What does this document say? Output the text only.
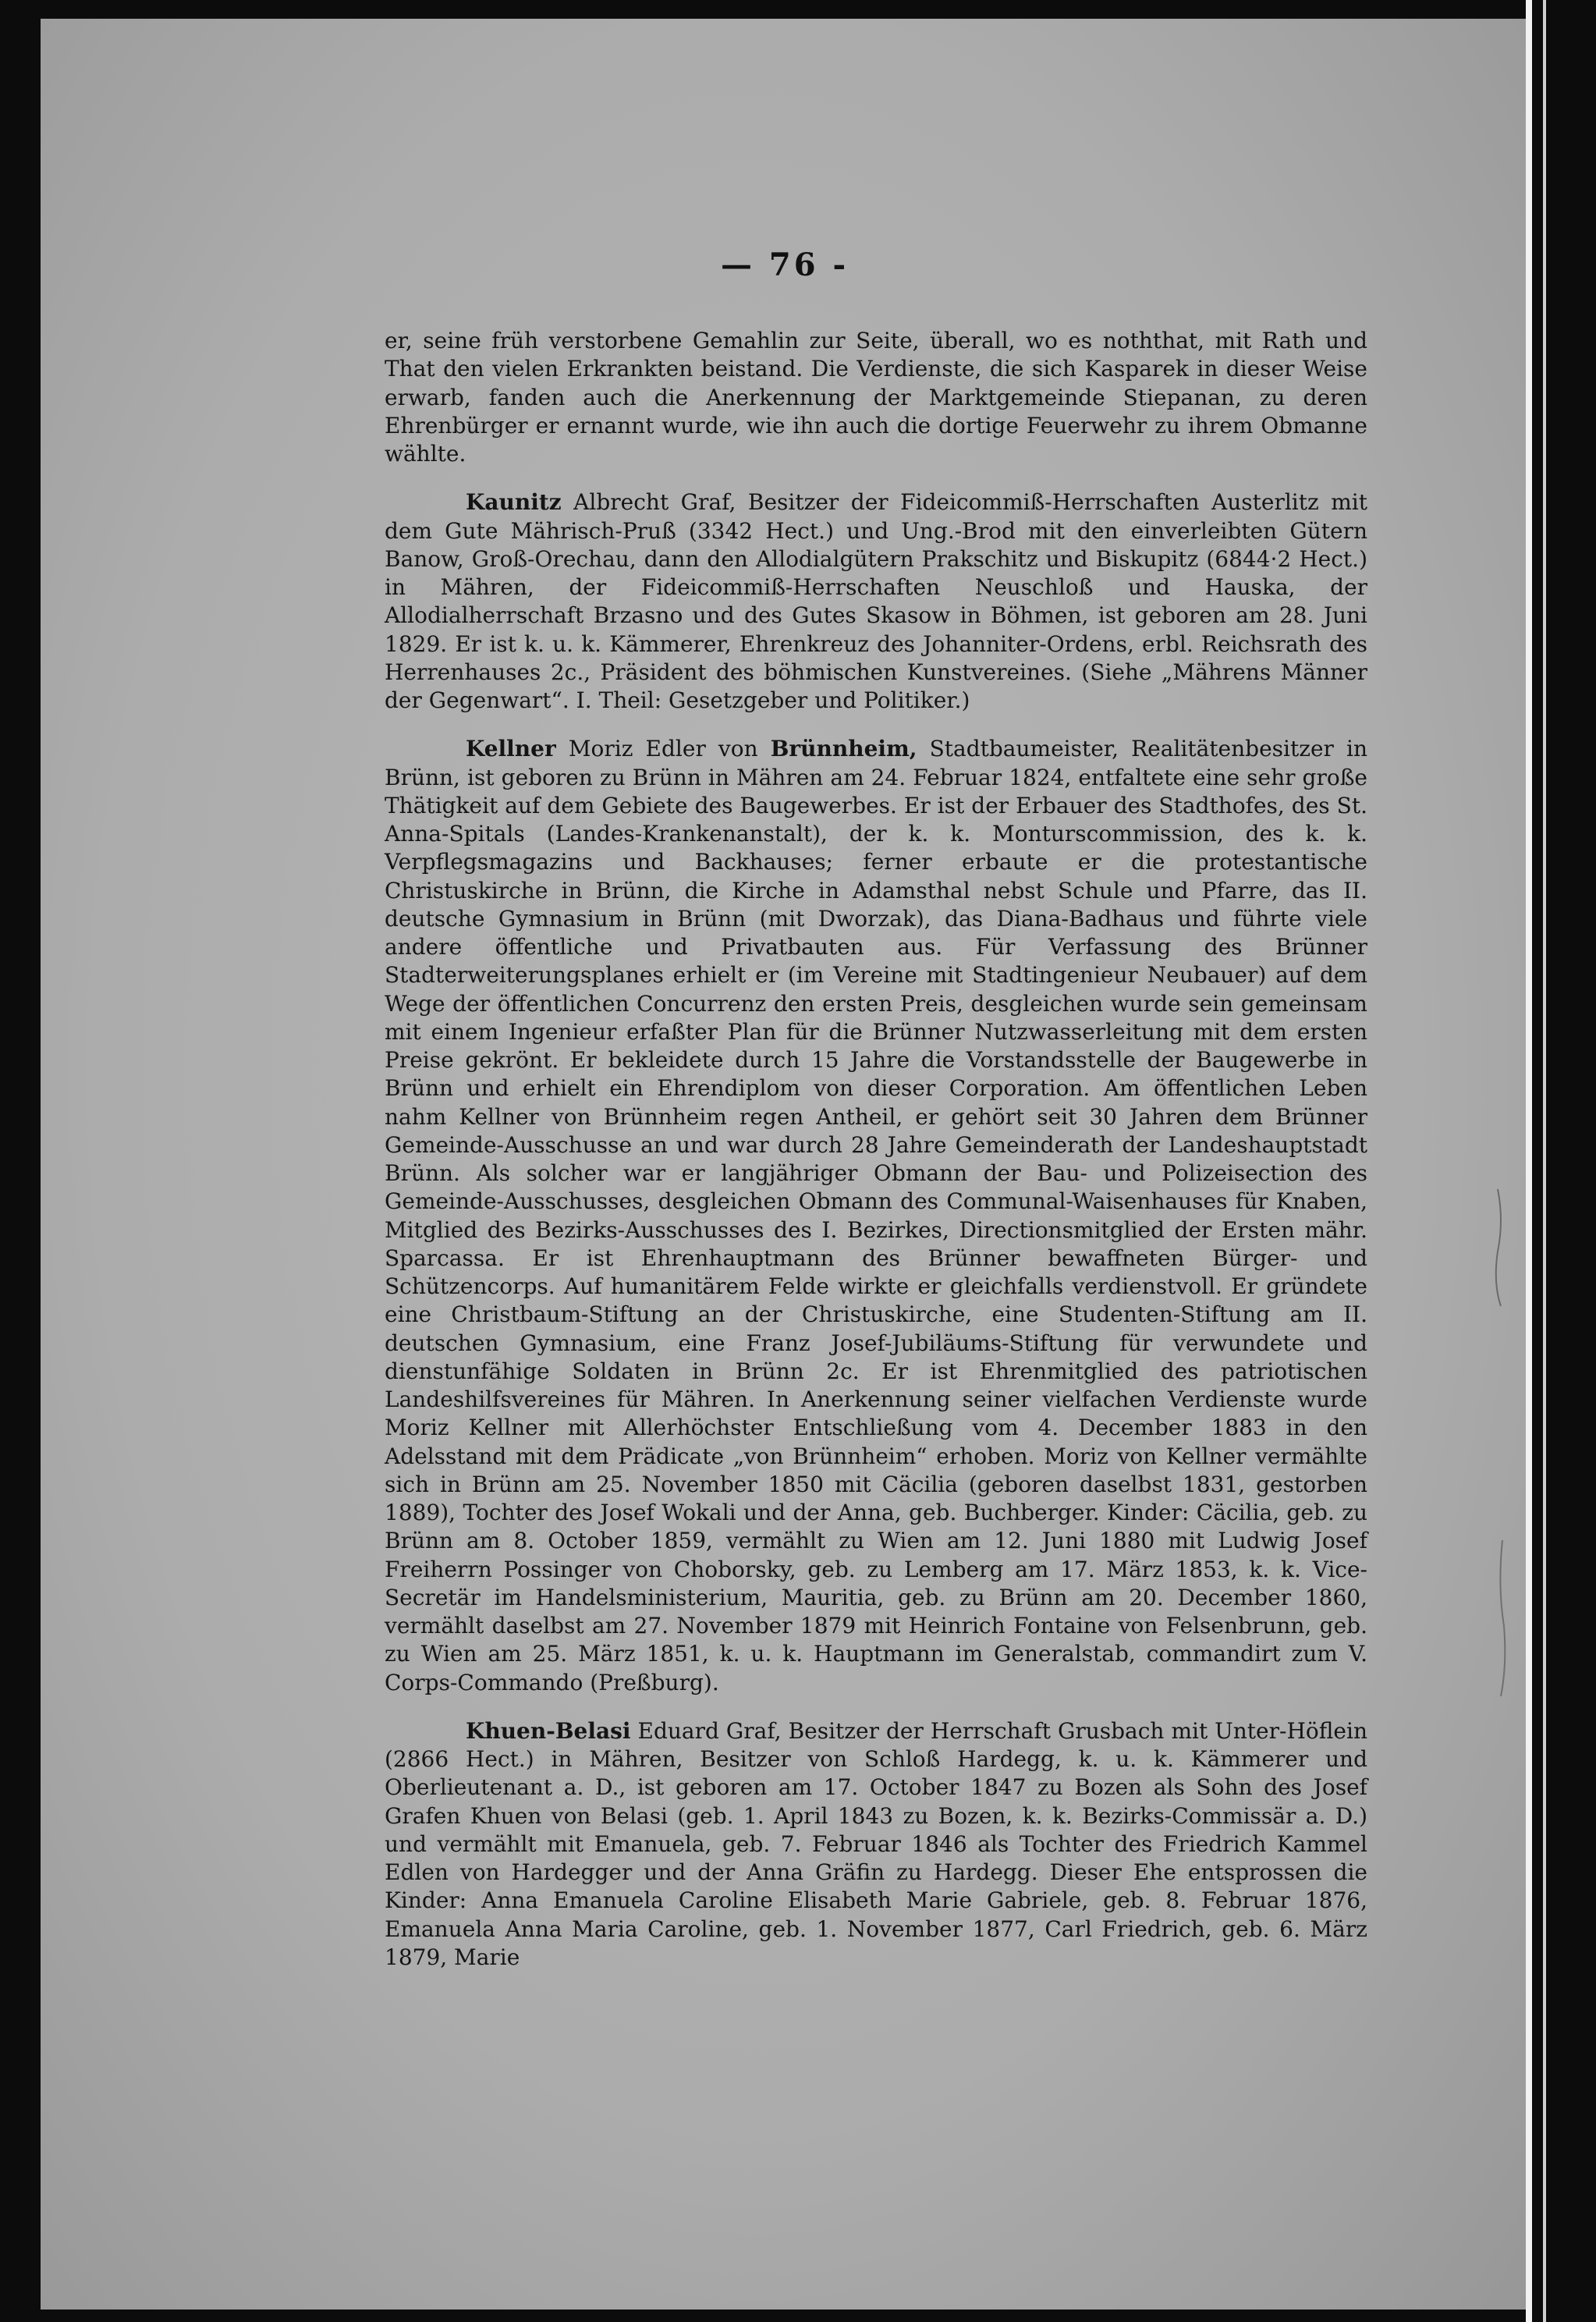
— 76 -

er, seine früh verstorbene Gemahlin zur Seite, überall, wo es noththat, mit Rath und That den vielen Erkrankten beistand. Die Verdienste, die sich Kasparek in dieser Weise erwarb, fanden auch die Anerkennung der Marktgemeinde Stiepanan, zu deren Ehrenbürger er ernannt wurde, wie ihn auch die dortige Feuerwehr zu ihrem Obmanne wählte.

Kaunitz Albrecht Graf, Besitzer der Fideicommiß-Herrschaften Austerlitz mit dem Gute Mährisch-Pruß (3342 Hect.) und Ung.-Brod mit den einverleibten Gütern Banow, Groß-Orechau, dann den Allodialgütern Prakschitz und Biskupitz (6844·2 Hect.) in Mähren, der Fideicommiß-Herrschaften Neuschloß und Hauska, der Allodialherrschaft Brzasno und des Gutes Skasow in Böhmen, ist geboren am 28. Juni 1829. Er ist k. u. k. Kämmerer, Ehrenkreuz des Johanniter-Ordens, erbl. Reichsrath des Herrenhauses 2c., Präsident des böhmischen Kunstvereines. (Siehe „Mährens Männer der Gegenwart“. I. Theil: Gesetzgeber und Politiker.)

Kellner Moriz Edler von Brünnheim, Stadtbaumeister, Realitätenbesitzer in Brünn, ist geboren zu Brünn in Mähren am 24. Februar 1824, entfaltete eine sehr große Thätigkeit auf dem Gebiete des Baugewerbes. Er ist der Erbauer des Stadthofes, des St. Anna-Spitals (Landes-Krankenanstalt), der k. k. Monturscommission, des k. k. Verpflegsmagazins und Backhauses; ferner erbaute er die protestantische Christuskirche in Brünn, die Kirche in Adamsthal nebst Schule und Pfarre, das II. deutsche Gymnasium in Brünn (mit Dworzak), das Diana-Badhaus und führte viele andere öffentliche und Privatbauten aus. Für Verfassung des Brünner Stadterweiterungsplanes erhielt er (im Vereine mit Stadtingenieur Neubauer) auf dem Wege der öffentlichen Concurrenz den ersten Preis, desgleichen wurde sein gemeinsam mit einem Ingenieur erfaßter Plan für die Brünner Nutzwasserleitung mit dem ersten Preise gekrönt. Er bekleidete durch 15 Jahre die Vorstandsstelle der Baugewerbe in Brünn und erhielt ein Ehrendiplom von dieser Corporation. Am öffentlichen Leben nahm Kellner von Brünnheim regen Antheil, er gehört seit 30 Jahren dem Brünner Gemeinde-Ausschusse an und war durch 28 Jahre Gemeinderath der Landeshauptstadt Brünn. Als solcher war er langjähriger Obmann der Bau- und Polizeisection des Gemeinde-Ausschusses, desgleichen Obmann des Communal-Waisenhauses für Knaben, Mitglied des Bezirks-Ausschusses des I. Bezirkes, Directionsmitglied der Ersten mähr. Sparcassa. Er ist Ehrenhauptmann des Brünner bewaffneten Bürger- und Schützencorps. Auf humanitärem Felde wirkte er gleichfalls verdienstvoll. Er gründete eine Christbaum-Stiftung an der Christuskirche, eine Studenten-Stiftung am II. deutschen Gymnasium, eine Franz Josef-Jubiläums-Stiftung für verwundete und dienstunfähige Soldaten in Brünn 2c. Er ist Ehrenmitglied des patriotischen Landeshilfsvereines für Mähren. In Anerkennung seiner vielfachen Verdienste wurde Moriz Kellner mit Allerhöchster Entschließung vom 4. December 1883 in den Adelsstand mit dem Prädicate „von Brünnheim“ erhoben. Moriz von Kellner vermählte sich in Brünn am 25. November 1850 mit Cäcilia (geboren daselbst 1831, gestorben 1889), Tochter des Josef Wokali und der Anna, geb. Buchberger. Kinder: Cäcilia, geb. zu Brünn am 8. October 1859, vermählt zu Wien am 12. Juni 1880 mit Ludwig Josef Freiherrn Possinger von Choborsky, geb. zu Lemberg am 17. März 1853, k. k. Vice-Secretär im Handelsministerium, Mauritia, geb. zu Brünn am 20. December 1860, vermählt daselbst am 27. November 1879 mit Heinrich Fontaine von Felsenbrunn, geb. zu Wien am 25. März 1851, k. u. k. Hauptmann im Generalstab, commandirt zum V. Corps-Commando (Preßburg).

Khuen-Belasi Eduard Graf, Besitzer der Herrschaft Grusbach mit Unter-Höflein (2866 Hect.) in Mähren, Besitzer von Schloß Hardegg, k. u. k. Kämmerer und Oberlieutenant a. D., ist geboren am 17. October 1847 zu Bozen als Sohn des Josef Grafen Khuen von Belasi (geb. 1. April 1843 zu Bozen, k. k. Bezirks-Commissär a. D.) und vermählt mit Emanuela, geb. 7. Februar 1846 als Tochter des Friedrich Kammel Edlen von Hardegger und der Anna Gräfin zu Hardegg. Dieser Ehe entsprossen die Kinder: Anna Emanuela Caroline Elisabeth Marie Gabriele, geb. 8. Februar 1876, Emanuela Anna Maria Caroline, geb. 1. November 1877, Carl Friedrich, geb. 6. März 1879, Marie
